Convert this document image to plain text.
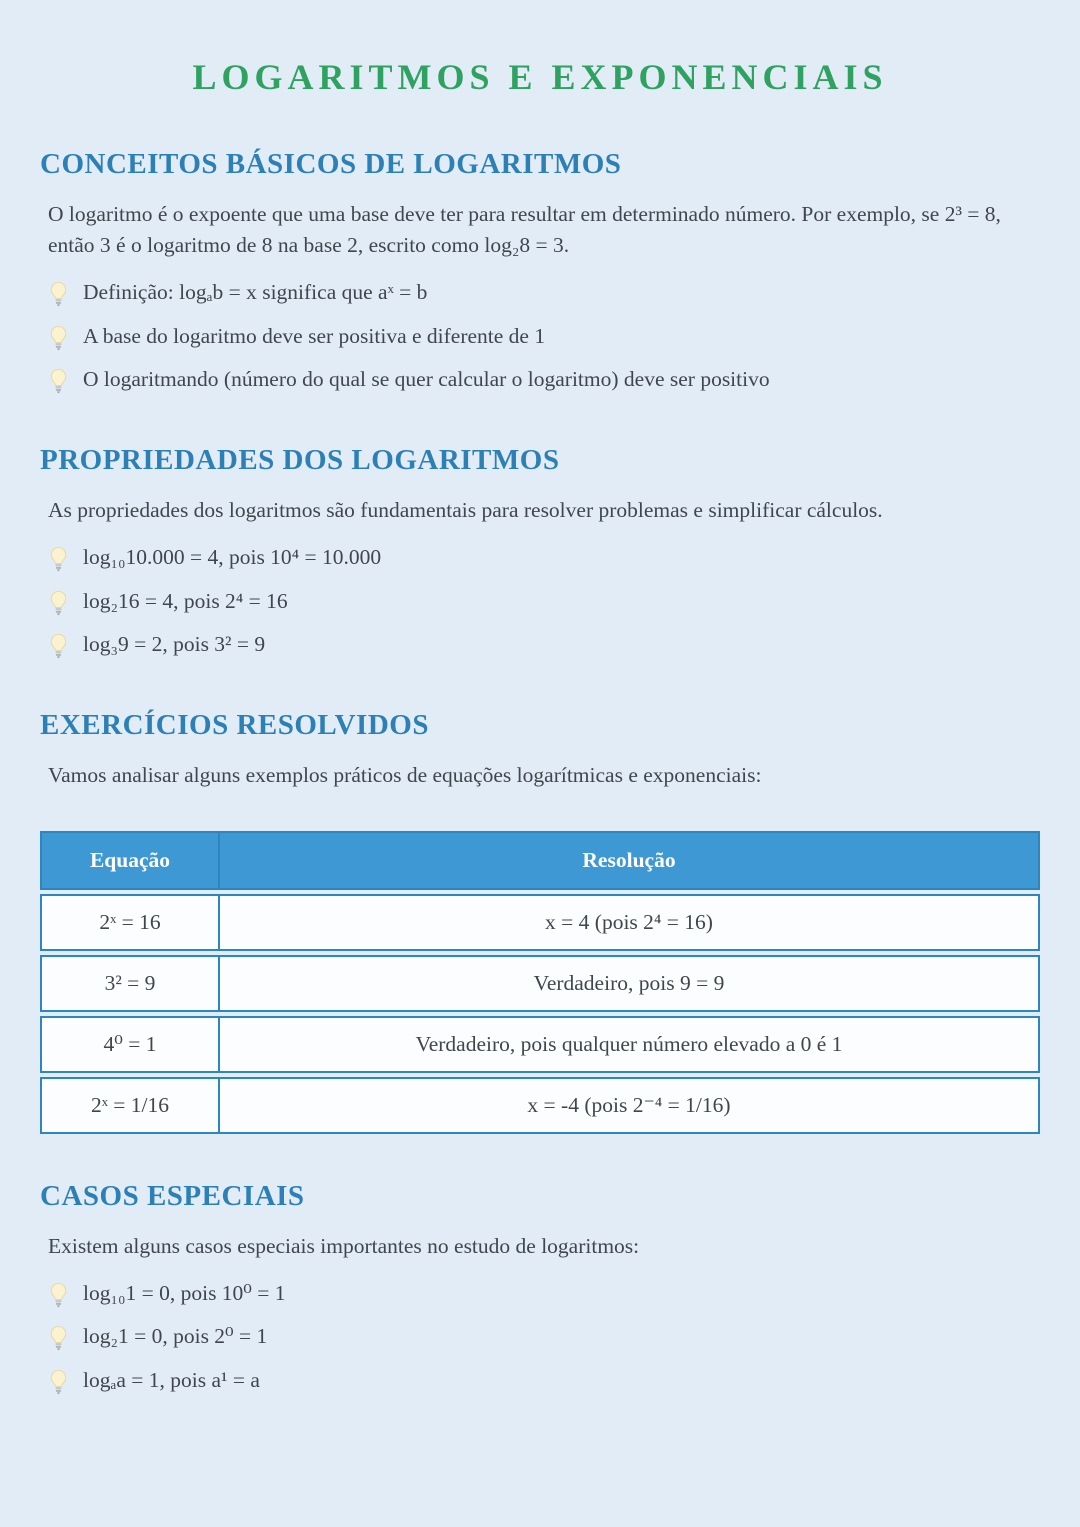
LOGARITMOS E EXPONENCIAIS
CONCEITOS BÁSICOS DE LOGARITMOS

O logaritmo é o expoente que uma base deve ter para resultar em determinado número. Por exemplo, se 2³ = 8, então 3 é o logaritmo de 8 na base 2, escrito como log₂8 = 3.

Definição: logₐb = x significa que aˣ = b
A base do logaritmo deve ser positiva e diferente de 1
O logaritmando (número do qual se quer calcular o logaritmo) deve ser positivo
PROPRIEDADES DOS LOGARITMOS

As propriedades dos logaritmos são fundamentais para resolver problemas e simplificar cálculos.

log₁₀10.000 = 4, pois 10⁴ = 10.000
log₂16 = 4, pois 2⁴ = 16
log₃9 = 2, pois 3² = 9
EXERCÍCIOS RESOLVIDOS

Vamos analisar alguns exemplos práticos de equações logarítmicas e exponenciais:

Equação	Resolução
2ˣ = 16	x = 4 (pois 2⁴ = 16)
3² = 9	Verdadeiro, pois 9 = 9
4⁰ = 1	Verdadeiro, pois qualquer número elevado a 0 é 1
2ˣ = 1/16	x = -4 (pois 2⁻⁴ = 1/16)
CASOS ESPECIAIS

Existem alguns casos especiais importantes no estudo de logaritmos:

log₁₀1 = 0, pois 10⁰ = 1
log₂1 = 0, pois 2⁰ = 1
logₐa = 1, pois a¹ = a
